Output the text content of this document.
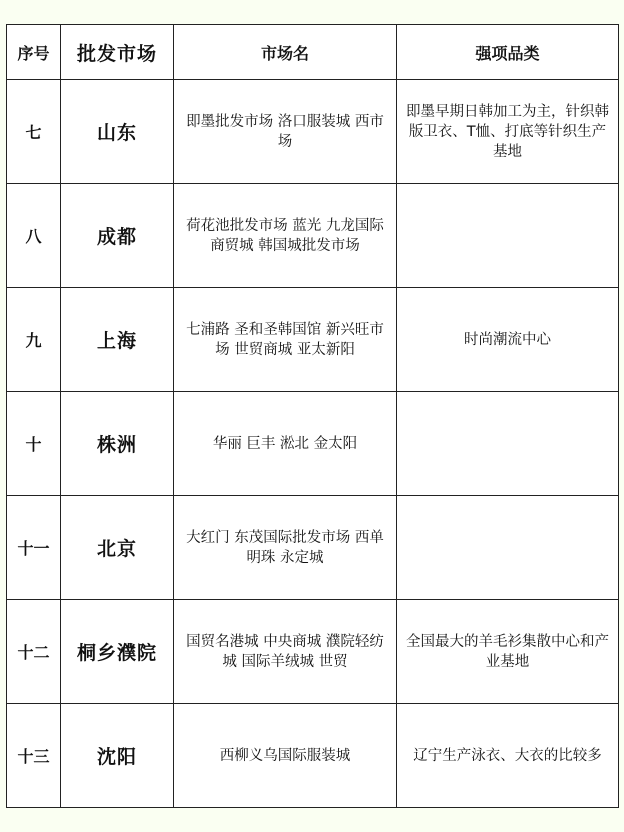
序号	批发市场	市场名	强项品类
七	山东	即墨批发市场 洛口服装城 西市场	即墨早期日韩加工为主，针织韩版卫衣、T恤、打底等针织生产基地
八	成都	荷花池批发市场 蓝光 九龙国际商贸城 韩国城批发市场	
九	上海	七浦路 圣和圣韩国馆 新兴旺市场 世贸商城 亚太新阳	时尚潮流中心
十	株洲	华丽 巨丰 淞北 金太阳	
十一	北京	大红门 东茂国际批发市场 西单明珠 永定城	
十二	桐乡濮院	国贸名港城 中央商城 濮院轻纺城 国际羊绒城 世贸	全国最大的羊毛衫集散中心和产业基地
十三	沈阳	西柳义乌国际服装城	辽宁生产泳衣、大衣的比较多
